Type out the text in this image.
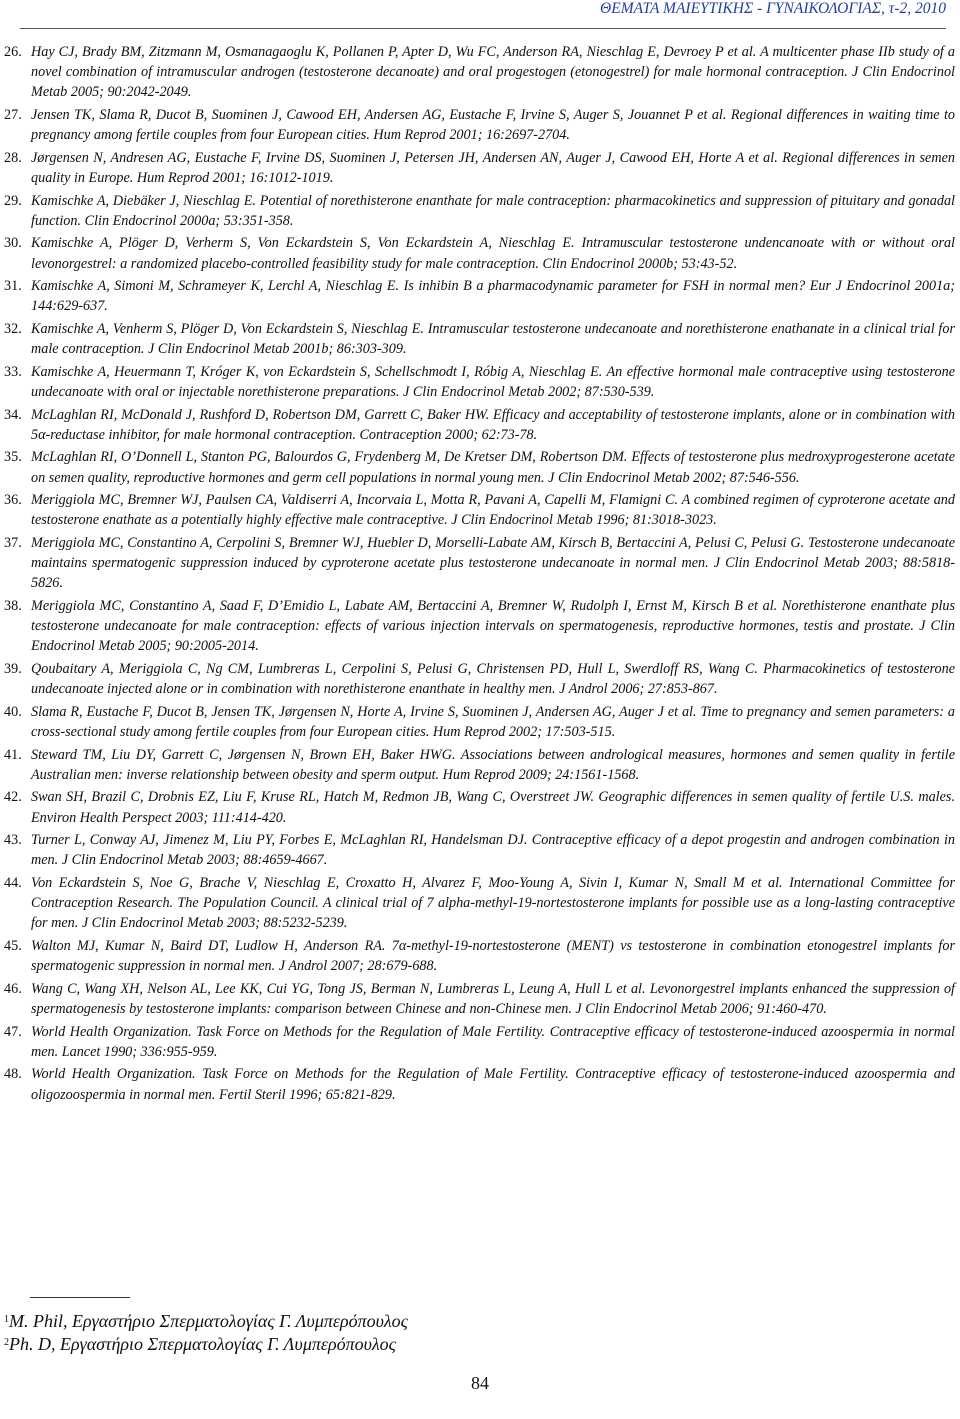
ΘΕΜΑΤΑ ΜΑΙΕΥΤΙΚΗΣ - ΓΥΝΑΙΚΟΛΟΓΙΑΣ, τ-2, 2010
26. Hay CJ, Brady BM, Zitzmann M, Osmanagaoglu K, Pollanen P, Apter D, Wu FC, Anderson RA, Nieschlag E, Devroey P et al. A multicenter phase IIb study of a novel combination of intramuscular androgen (testosterone decanoate) and oral progestogen (etonogestrel) for male hormonal contraception. J Clin Endocrinol Metab 2005; 90:2042-2049.
27. Jensen TK, Slama R, Ducot B, Suominen J, Cawood EH, Andersen AG, Eustache F, Irvine S, Auger S, Jouannet P et al. Regional differences in waiting time to pregnancy among fertile couples from four European cities. Hum Reprod 2001; 16:2697-2704.
28. Jørgensen N, Andresen AG, Eustache F, Irvine DS, Suominen J, Petersen JH, Andersen AN, Auger J, Cawood EH, Horte A et al. Regional differences in semen quality in Europe. Hum Reprod 2001; 16:1012-1019.
29. Kamischke A, Diebäker J, Nieschlag E. Potential of norethisterone enanthate for male contraception: pharmacokinetics and suppression of pituitary and gonadal function. Clin Endocrinol 2000a; 53:351-358.
30. Kamischke A, Plöger D, Verherm S, Von Eckardstein S, Von Eckardstein A, Nieschlag E. Intramuscular testosterone undencanoate with or without oral levonorgestrel: a randomized placebo-controlled feasibility study for male contraception. Clin Endocrinol 2000b; 53:43-52.
31. Kamischke A, Simoni M, Schrameyer K, Lerchl A, Nieschlag E. Is inhibin B a pharmacodynamic parameter for FSH in normal men? Eur J Endocrinol 2001a; 144:629-637.
32. Kamischke A, Venherm S, Plöger D, Von Eckardstein S, Nieschlag E. Intramuscular testosterone undecanoate and norethisterone enathanate in a clinical trial for male contraception. J Clin Endocrinol Metab 2001b; 86:303-309.
33. Kamischke A, Heuermann T, Króger K, von Eckardstein S, Schellschmodt I, Róbig A, Nieschlag E. An effective hormonal male contraceptive using testosterone undecanoate with oral or injectable norethisterone preparations. J Clin Endocrinol Metab 2002; 87:530-539.
34. McLaghlan RI, McDonald J, Rushford D, Robertson DM, Garrett C, Baker HW. Efficacy and acceptability of testosterone implants, alone or in combination with 5α-reductase inhibitor, for male hormonal contraception. Contraception 2000; 62:73-78.
35. McLaghlan RI, O’Donnell L, Stanton PG, Balourdos G, Frydenberg M, De Kretser DM, Robertson DM. Effects of testosterone plus medroxyprogesterone acetate on semen quality, reproductive hormones and germ cell populations in normal young men. J Clin Endocrinol Metab 2002; 87:546-556.
36. Meriggiola MC, Bremner WJ, Paulsen CA, Valdiserri A, Incorvaia L, Motta R, Pavani A, Capelli M, Flamigni C. A combined regimen of cyproterone acetate and testosterone enathate as a potentially highly effective male contraceptive. J Clin Endocrinol Metab 1996; 81:3018-3023.
37. Meriggiola MC, Constantino A, Cerpolini S, Bremner WJ, Huebler D, Morselli-Labate AM, Kirsch B, Bertaccini A, Pelusi C, Pelusi G. Testosterone undecanoate maintains spermatogenic suppression induced by cyproterone acetate plus testosterone undecanoate in normal men. J Clin Endocrinol Metab 2003; 88:5818-5826.
38. Meriggiola MC, Constantino A, Saad F, D’Emidio L, Labate AM, Bertaccini A, Bremner W, Rudolph I, Ernst M, Kirsch B et al. Norethisterone enanthate plus testosterone undecanoate for male contraception: effects of various injection intervals on spermatogenesis, reproductive hormones, testis and prostate. J Clin Endocrinol Metab 2005; 90:2005-2014.
39. Qoubaitary A, Meriggiola C, Ng CM, Lumbreras L, Cerpolini S, Pelusi G, Christensen PD, Hull L, Swerdloff RS, Wang C. Pharmacokinetics of testosterone undecanoate injected alone or in combination with norethisterone enanthate in healthy men. J Androl 2006; 27:853-867.
40. Slama R, Eustache F, Ducot B, Jensen TK, Jørgensen N, Horte A, Irvine S, Suominen J, Andersen AG, Auger J et al. Time to pregnancy and semen parameters: a cross-sectional study among fertile couples from four European cities. Hum Reprod 2002; 17:503-515.
41. Steward TM, Liu DY, Garrett C, Jørgensen N, Brown EH, Baker HWG. Associations between andrological measures, hormones and semen quality in fertile Australian men: inverse relationship between obesity and sperm output. Hum Reprod 2009; 24:1561-1568.
42. Swan SH, Brazil C, Drobnis EZ, Liu F, Kruse RL, Hatch M, Redmon JB, Wang C, Overstreet JW. Geographic differences in semen quality of fertile U.S. males. Environ Health Perspect 2003; 111:414-420.
43. Turner L, Conway AJ, Jimenez M, Liu PY, Forbes E, McLaghlan RI, Handelsman DJ. Contraceptive efficacy of a depot progestin and androgen combination in men. J Clin Endocrinol Metab 2003; 88:4659-4667.
44. Von Eckardstein S, Noe G, Brache V, Nieschlag E, Croxatto H, Alvarez F, Moo-Young A, Sivin I, Kumar N, Small M et al. International Committee for Contraception Research. The Population Council. A clinical trial of 7 alpha-methyl-19-nortestosterone implants for possible use as a long-lasting contraceptive for men. J Clin Endocrinol Metab 2003; 88:5232-5239.
45. Walton MJ, Kumar N, Baird DT, Ludlow H, Anderson RA. 7α-methyl-19-nortestosterone (MENT) vs testosterone in combination etonogestrel implants for spermatogenic suppression in normal men. J Androl 2007; 28:679-688.
46. Wang C, Wang XH, Nelson AL, Lee KK, Cui YG, Tong JS, Berman N, Lumbreras L, Leung A, Hull L et al. Levonorgestrel implants enhanced the suppression of spermatogenesis by testosterone implants: comparison between Chinese and non-Chinese men. J Clin Endocrinol Metab 2006; 91:460-470.
47. World Health Organization. Task Force on Methods for the Regulation of Male Fertility. Contraceptive efficacy of testosterone-induced azoospermia in normal men. Lancet 1990; 336:955-959.
48. World Health Organization. Task Force on Methods for the Regulation of Male Fertility. Contraceptive efficacy of testosterone-induced azoospermia and oligozoospermia in normal men. Fertil Steril 1996; 65:821-829.
$^1$M. Phil, Εργαστήριο Σπερματολογίας Γ. Λυμπερόπουλος
$^2$Ph. D, Εργαστήριο Σπερματολογίας Γ. Λυμπερόπουλος
84
